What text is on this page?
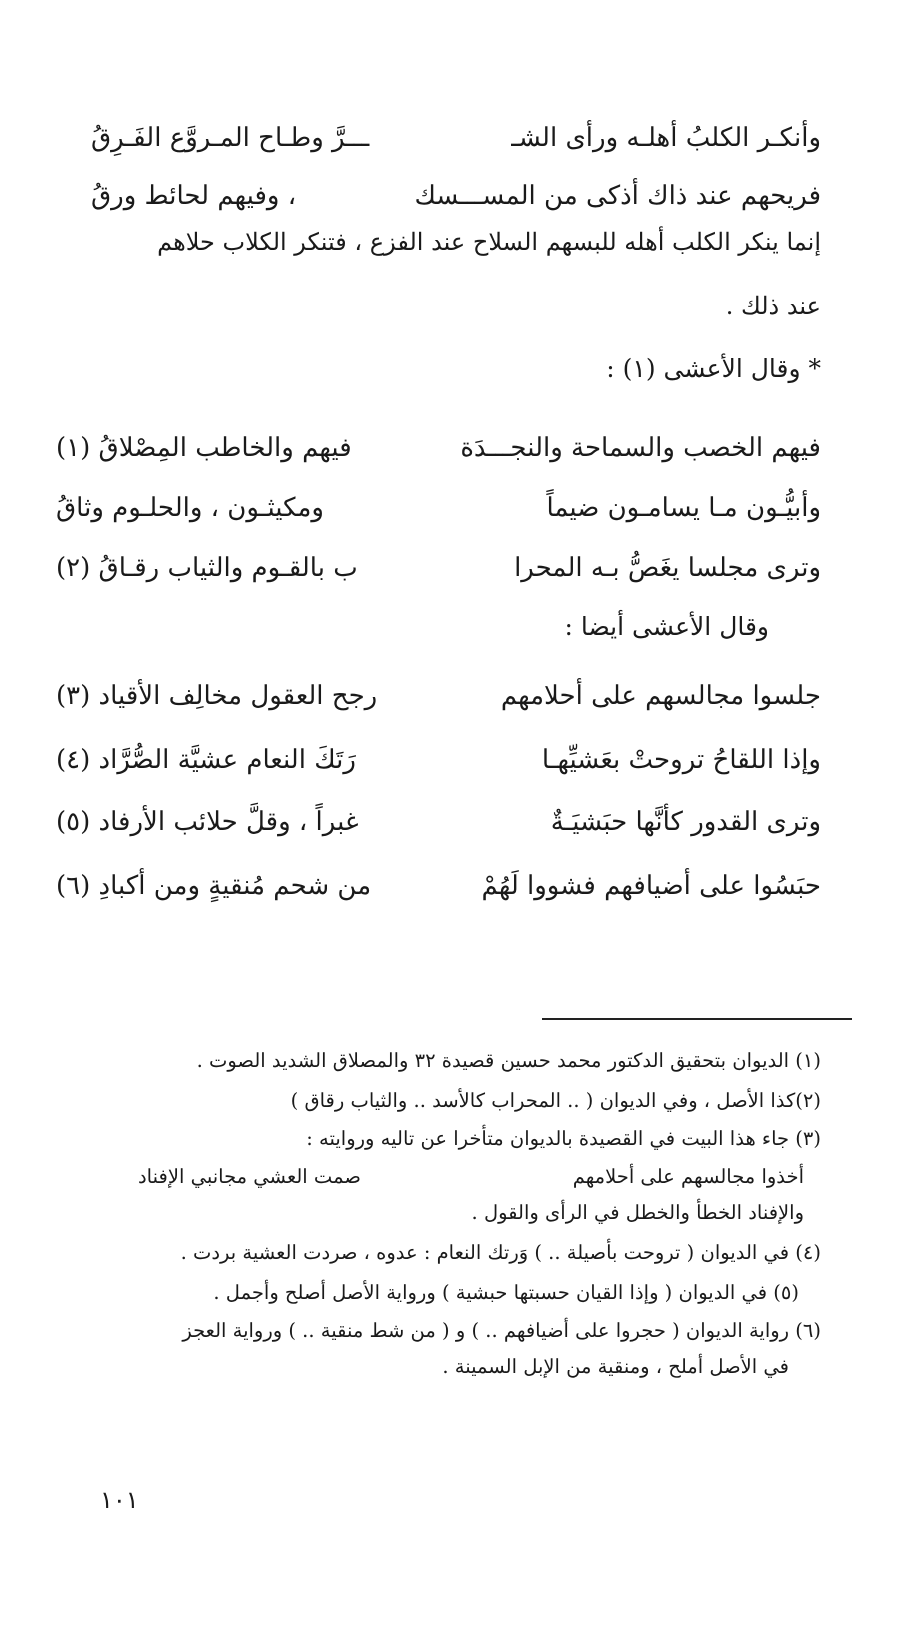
وأنكـر الكلبُ أهلـه ورأى الشـ
ـــرَّ وطـاح المـروَّع الفَـرِقُ
فريحهم عند ذاك أذكى من المســـسك
، وفيهم لحائط ورقُ
إنما ينكر الكلب أهله للبسهم السلاح عند الفزع ، فتنكر الكلاب حلاهم
عند ذلك .
* وقال الأعشى (١) :
فيهم الخصب والسماحة والنجـــدَة
فيهم والخاطب المِصْلاقُ (١)
وأبيُّـون مـا يسامـون ضيماً
ومكيثـون ، والحلـوم وثاقُ
وترى مجلسا يغَصُّ بـه المحرا
ب بالقـوم والثياب رقـاقُ (٢)
وقال الأعشى أيضا :
جلسوا مجالسهم على أحلامهم
رجح العقول مخالِف الأقياد (٣)
وإذا اللقاحُ تروحتْ بعَشيِّهـا
رَتَكَ النعام عشيَّة الصُّرَّاد (٤)
وترى القدور كأنَّها حبَشيَـةٌ
غبراً ، وقلَّ حلائب الأرفاد (٥)
حبَسُوا على أضيافهم فشووا لَهُمْ
من شحم مُنقيةٍ ومن أكبادِ (٦)
(١) الديوان بتحقيق الدكتور محمد حسين قصيدة ٣٢ والمصلاق الشديد الصوت .
(٢)كذا الأصل ، وفي الديوان ( .. المحراب كالأسد .. والثياب رقاق )
(٣) جاء هذا البيت في القصيدة بالديوان متأخرا عن تاليه وروايته :
أخذوا مجالسهم على أحلامهم
صمت العشي مجانبي الإفناد
والإفناد الخطأ والخطل في الرأى والقول .
(٤) في الديوان ( تروحت بأصيلة .. ) وَرتك النعام : عدوه ، صردت العشية بردت .
(٥) في الديوان ( وإذا القيان حسبتها حبشية ) ورواية الأصل أصلح وأجمل .
(٦) رواية الديوان ( حجروا على أضيافهم .. ) و ( من شط منقية .. ) ورواية العجز
في الأصل أملح ، ومنقية من الإبل السمينة .
١٠١
